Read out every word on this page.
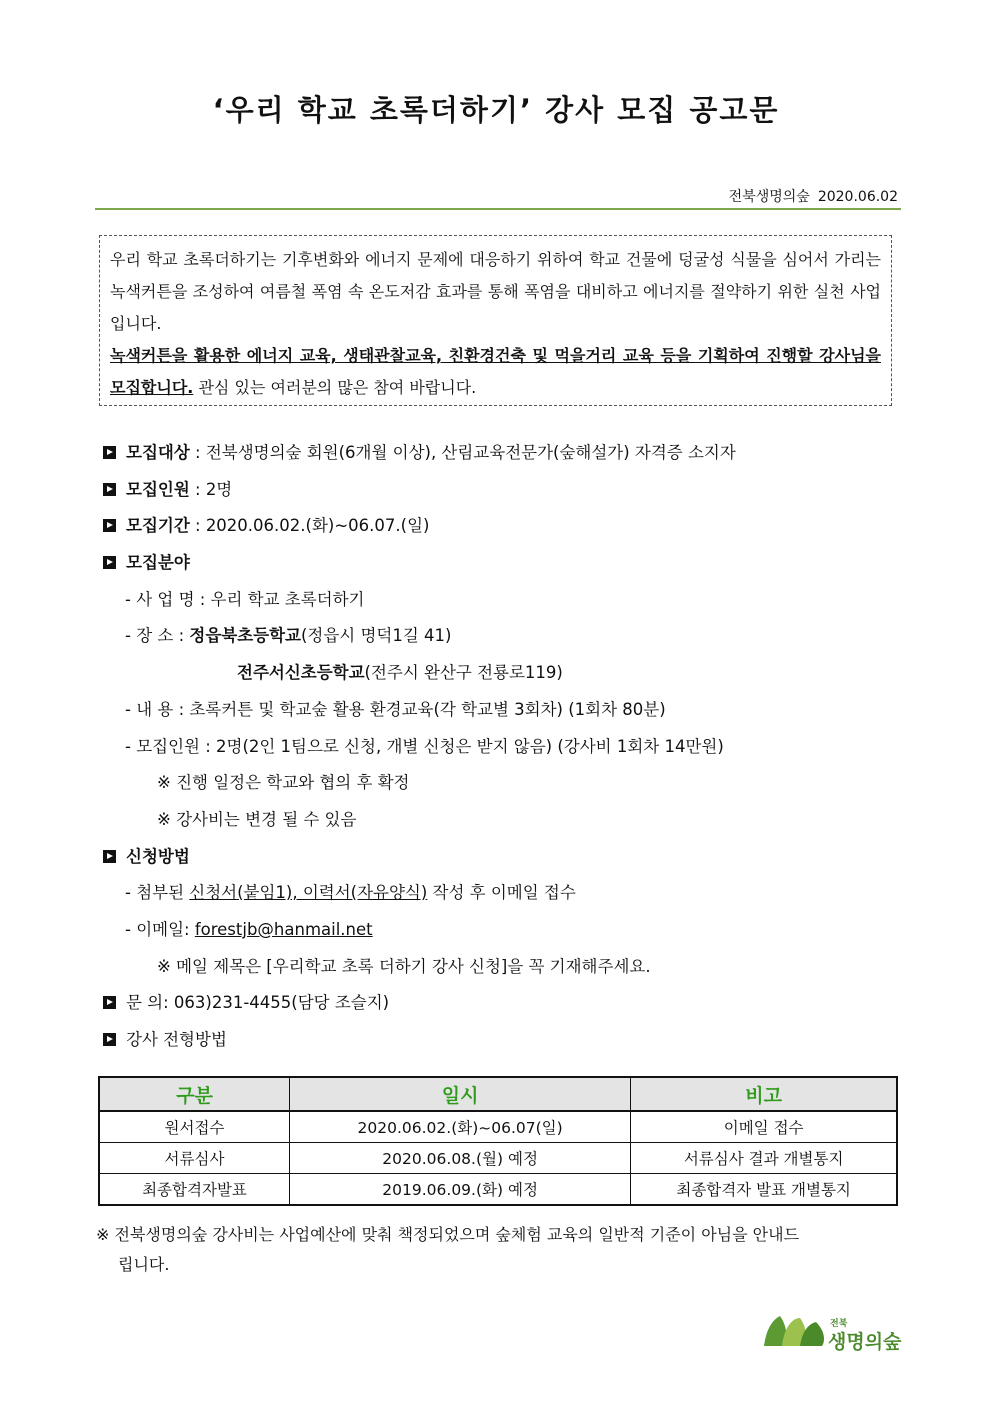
‘우리 학교 초록더하기’ 강사 모집 공고문
전북생명의숲 2020.06.02

우리 학교 초록더하기는 기후변화와 에너지 문제에 대응하기 위하여 학교 건물에 덩굴성 식물을 심어서 가리는 녹색커튼을 조성하여 여름철 폭염 속 온도저감 효과를 통해 폭염을 대비하고 에너지를 절약하기 위한 실천 사업입니다.

녹색커튼을 활용한 에너지 교육, 생태관찰교육, 친환경건축 및 먹을거리 교육 등을 기획하여 진행할 강사님을 모집합니다. 관심 있는 여러분의 많은 참여 바랍니다.

모집대상 : 전북생명의숲 회원(6개월 이상), 산림교육전문가(숲해설가) 자격증 소지자
모집인원 : 2명
모집기간 : 2020.06.02.(화)~06.07.(일)
모집분야
- 사 업 명 : 우리 학교 초록더하기
- 장 소 : 정읍북초등학교(정읍시 명덕1길 41)
전주서신초등학교(전주시 완산구 전룡로119)
- 내 용 : 초록커튼 및 학교숲 활용 환경교육(각 학교별 3회차) (1회차 80분)
- 모집인원 : 2명(2인 1팀으로 신청, 개별 신청은 받지 않음) (강사비 1회차 14만원)
※ 진행 일정은 학교와 협의 후 확정
※ 강사비는 변경 될 수 있음
신청방법
- 첨부된 신청서(붙임1), 이력서(자유양식) 작성 후 이메일 접수
- 이메일: forestjb@hanmail.net
※ 메일 제목은 [우리학교 초록 더하기 강사 신청]을 꼭 기재해주세요.
문 의: 063)231-4455(담당 조슬지)
강사 전형방법
구분	일시	비고
원서접수	2020.06.02.(화)~06.07(일)	이메일 접수
서류심사	2020.06.08.(월) 예정	서류심사 결과 개별통지
최종합격자발표	2019.06.09.(화) 예정	최종합격자 발표 개별통지
※ 전북생명의숲 강사비는 사업예산에 맞춰 책정되었으며 숲체험 교육의 일반적 기준이 아님을 안내드
립니다.
전북
생명의숲
